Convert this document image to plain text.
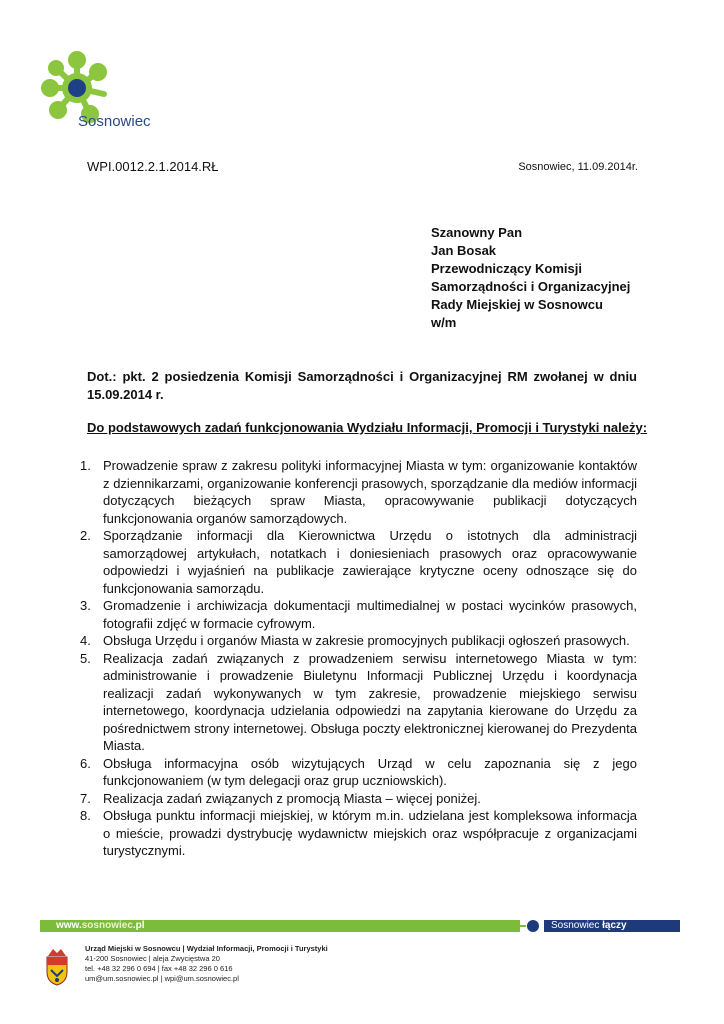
Sosnowiec
WPI.0012.2.1.2014.RŁ	Sosnowiec, 11.09.2014r.
Szanowny Pan
Jan Bosak
Przewodniczący Komisji
Samorządności i Organizacyjnej
Rady Miejskiej w Sosnowcu
w/m
Dot.: pkt. 2 posiedzenia Komisji Samorządności i Organizacyjnej RM zwołanej w dniu 15.09.2014 r.
Do podstawowych zadań funkcjonowania Wydziału Informacji, Promocji i Turystyki należy:
1. Prowadzenie spraw z zakresu polityki informacyjnej Miasta w tym: organizowanie kontaktów z dziennikarzami, organizowanie konferencji prasowych, sporządzanie dla mediów informacji dotyczących bieżących spraw Miasta, opracowywanie publikacji dotyczących funkcjonowania organów samorządowych.
2. Sporządzanie informacji dla Kierownictwa Urzędu o istotnych dla administracji samorządowej artykułach, notatkach i doniesieniach prasowych oraz opracowywanie odpowiedzi i wyjaśnień na publikacje zawierające krytyczne oceny odnoszące się do funkcjonowania samorządu.
3. Gromadzenie i archiwizacja dokumentacji multimedialnej w postaci wycinków prasowych, fotografii zdjęć w formacie cyfrowym.
4. Obsługa Urzędu i organów Miasta w zakresie promocyjnych publikacji ogłoszeń prasowych.
5. Realizacja zadań związanych z prowadzeniem serwisu internetowego Miasta w tym: administrowanie i prowadzenie Biuletynu Informacji Publicznej Urzędu i koordynacja realizacji zadań wykonywanych w tym zakresie, prowadzenie miejskiego serwisu internetowego, koordynacja udzielania odpowiedzi na zapytania kierowane do Urzędu za pośrednictwem strony internetowej. Obsługa poczty elektronicznej kierowanej do Prezydenta Miasta.
6. Obsługa informacyjna osób wizytujących Urząd w celu zapoznania się z jego funkcjonowaniem (w tym delegacji oraz grup uczniowskich).
7. Realizacja zadań związanych z promocją Miasta – więcej poniżej.
8. Obsługa punktu informacji miejskiej, w którym m.in. udzielana jest kompleksowa informacja o mieście, prowadzi dystrybucję wydawnictw miejskich oraz współpracuje z organizacjami turystycznymi.
www.sosnowiec.pl	Sosnowiec łączy
Urząd Miejski w Sosnowcu | Wydział Informacji, Promocji i Turystyki
41-200 Sosnowiec | aleja Zwycięstwa 20
tel. +48 32 296 0 694 | fax +48 32 296 0 616
um@um.sosnowiec.pl | wpi@um.sosnowiec.pl
